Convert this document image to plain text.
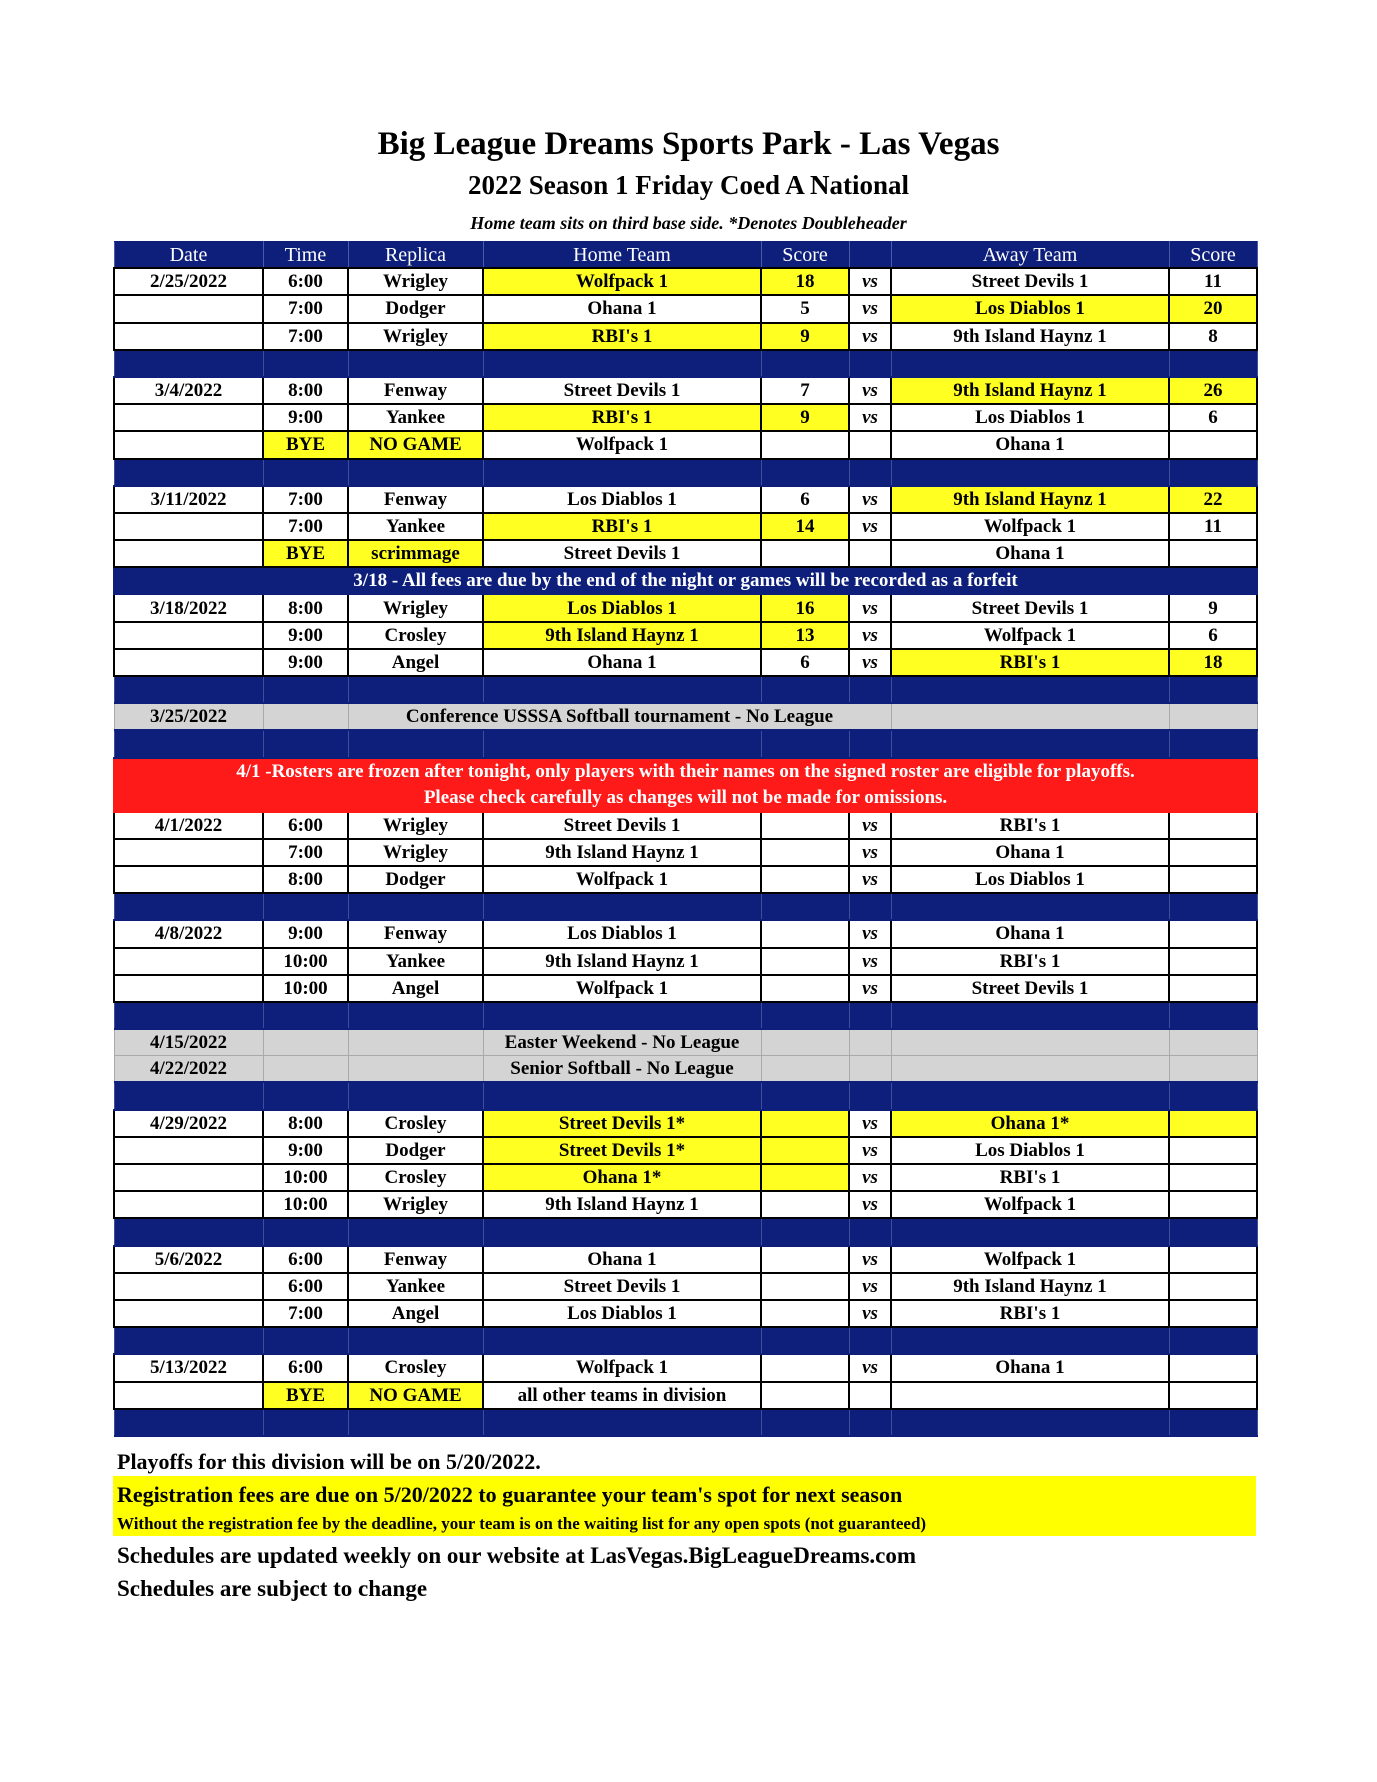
Big League Dreams Sports Park - Las Vegas
2022 Season 1 Friday Coed A National
Home team sits on third base side. *Denotes Doubleheader
Date	Time	Replica	Home Team	Score		Away Team	Score
2/25/2022	6:00	Wrigley	Wolfpack 1	18	vs	Street Devils 1	11
	7:00	Dodger	Ohana 1	5	vs	Los Diablos 1	20
	7:00	Wrigley	RBI's 1	9	vs	9th Island Haynz 1	8

3/4/2022	8:00	Fenway	Street Devils 1	7	vs	9th Island Haynz 1	26
	9:00	Yankee	RBI's 1	9	vs	Los Diablos 1	6
	BYE	NO GAME	Wolfpack 1			Ohana 1	

3/11/2022	7:00	Fenway	Los Diablos 1	6	vs	9th Island Haynz 1	22
	7:00	Yankee	RBI's 1	14	vs	Wolfpack 1	11
	BYE	scrimmage	Street Devils 1			Ohana 1	
3/18 - All fees are due by the end of the night or games will be recorded as a forfeit							
3/18/2022	8:00	Wrigley	Los Diablos 1	16	vs	Street Devils 1	9
	9:00	Crosley	9th Island Haynz 1	13	vs	Wolfpack 1	6
	9:00	Angel	Ohana 1	6	vs	RBI's 1	18

3/25/2022		Conference USSSA Softball tournament - No League					

4/1 -Rosters are frozen after tonight, only players with their names on the signed roster are eligible for playoffs.
Please check carefully as changes will not be made for omissions.							

4/1/2022	6:00	Wrigley	Street Devils 1		vs	RBI's 1	
	7:00	Wrigley	9th Island Haynz 1		vs	Ohana 1	
	8:00	Dodger	Wolfpack 1		vs	Los Diablos 1	

4/8/2022	9:00	Fenway	Los Diablos 1		vs	Ohana 1	
	10:00	Yankee	9th Island Haynz 1		vs	RBI's 1	
	10:00	Angel	Wolfpack 1		vs	Street Devils 1	

4/15/2022			Easter Weekend - No League				
4/22/2022			Senior Softball - No League				

4/29/2022	8:00	Crosley	Street Devils 1*		vs	Ohana 1*	
	9:00	Dodger	Street Devils 1*		vs	Los Diablos 1	
	10:00	Crosley	Ohana 1*		vs	RBI's 1	
	10:00	Wrigley	9th Island Haynz 1		vs	Wolfpack 1	

5/6/2022	6:00	Fenway	Ohana 1		vs	Wolfpack 1	
	6:00	Yankee	Street Devils 1		vs	9th Island Haynz 1	
	7:00	Angel	Los Diablos 1		vs	RBI's 1	

5/13/2022	6:00	Crosley	Wolfpack 1		vs	Ohana 1	
	BYE	NO GAME	all other teams in division				

Playoffs for this division will be on 5/20/2022.
Registration fees are due on 5/20/2022 to guarantee your team's spot for next season
Without the registration fee by the deadline, your team is on the waiting list for any open spots (not guaranteed)
Schedules are updated weekly on our website at LasVegas.BigLeagueDreams.com
Schedules are subject to change
